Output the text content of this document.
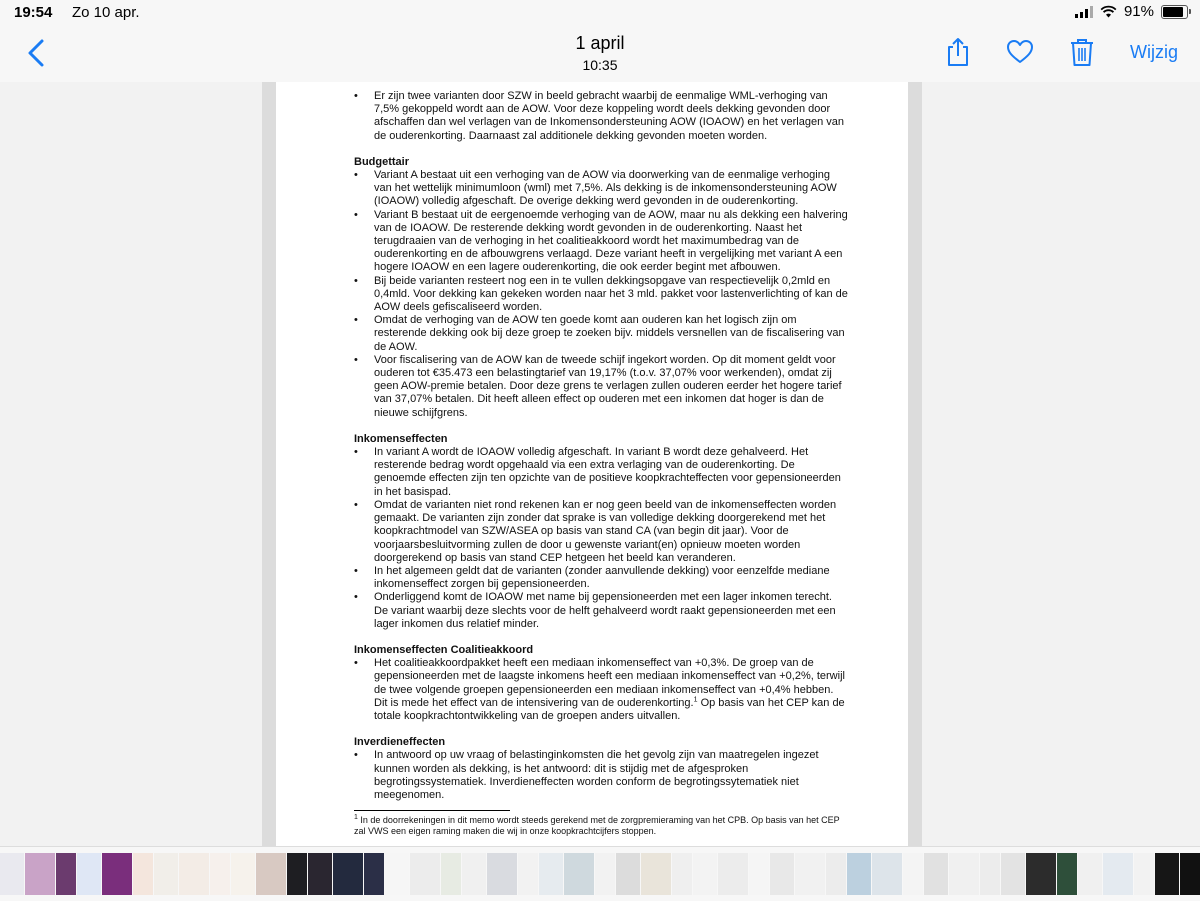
19:54 Zo 10 apr.	91%
1 april
10:35
Wijzig
• Er zijn twee varianten door SZW in beeld gebracht waarbij de eenmalige WML-verhoging van 7,5% gekoppeld wordt aan de AOW. Voor deze koppeling wordt deels dekking gevonden door afschaffen dan wel verlagen van de Inkomensondersteuning AOW (IOAOW) en het verlagen van de ouderenkorting. Daarnaast zal additionele dekking gevonden moeten worden.

Budgettair

• Variant A bestaat uit een verhoging van de AOW via doorwerking van de eenmalige verhoging van het wettelijk minimumloon (wml) met 7,5%. Als dekking is de inkomensondersteuning AOW (IOAOW) volledig afgeschaft. De overige dekking werd gevonden in de ouderenkorting.
• Variant B bestaat uit de eergenoemde verhoging van de AOW, maar nu als dekking een halvering van de IOAOW. De resterende dekking wordt gevonden in de ouderenkorting. Naast het terugdraaien van de verhoging in het coalitieakkoord wordt het maximumbedrag van de ouderenkorting en de afbouwgrens verlaagd. Deze variant heeft in vergelijking met variant A een hogere IOAOW en een lagere ouderenkorting, die ook eerder begint met afbouwen.
• Bij beide varianten resteert nog een in te vullen dekkingsopgave van respectievelijk 0,2mld en 0,4mld. Voor dekking kan gekeken worden naar het 3 mld. pakket voor lastenverlichting of kan de AOW deels gefiscaliseerd worden.
• Omdat de verhoging van de AOW ten goede komt aan ouderen kan het logisch zijn om resterende dekking ook bij deze groep te zoeken bijv. middels versnellen van de fiscalisering van de AOW.
• Voor fiscalisering van de AOW kan de tweede schijf ingekort worden. Op dit moment geldt voor ouderen tot €35.473 een belastingtarief van 19,17% (t.o.v. 37,07% voor werkenden), omdat zij geen AOW-premie betalen. Door deze grens te verlagen zullen ouderen eerder het hogere tarief van 37,07% betalen. Dit heeft alleen effect op ouderen met een inkomen dat hoger is dan de nieuwe schijfgrens.

Inkomenseffecten

• In variant A wordt de IOAOW volledig afgeschaft. In variant B wordt deze gehalveerd. Het resterende bedrag wordt opgehaald via een extra verlaging van de ouderenkorting. De genoemde effecten zijn ten opzichte van de positieve koopkrachteffecten voor gepensioneerden in het basispad.
• Omdat de varianten niet rond rekenen kan er nog geen beeld van de inkomenseffecten worden gemaakt. De varianten zijn zonder dat sprake is van volledige dekking doorgerekend met het koopkrachtmodel van SZW/ASEA op basis van stand CA (van begin dit jaar). Voor de voorjaarsbesluitvorming zullen de door u gewenste variant(en) opnieuw moeten worden doorgerekend op basis van stand CEP hetgeen het beeld kan veranderen.
• In het algemeen geldt dat de varianten (zonder aanvullende dekking) voor eenzelfde mediane inkomenseffect zorgen bij gepensioneerden.
• Onderliggend komt de IOAOW met name bij gepensioneerden met een lager inkomen terecht. De variant waarbij deze slechts voor de helft gehalveerd wordt raakt gepensioneerden met een lager inkomen dus relatief minder.

Inkomenseffecten Coalitieakkoord

• Het coalitieakkoordpakket heeft een mediaan inkomenseffect van +0,3%. De groep van de gepensioneerden met de laagste inkomens heeft een mediaan inkomenseffect van +0,2%, terwijl de twee volgende groepen gepensioneerden een mediaan inkomenseffect van +0,4% hebben. Dit is mede het effect van de intensivering van de ouderenkorting.$^1$ Op basis van het CEP kan de totale koopkrachtontwikkeling van de groepen anders uitvallen.

Inverdieneffecten

• In antwoord op uw vraag of belastinginkomsten die het gevolg zijn van maatregelen ingezet kunnen worden als dekking, is het antwoord: dit is stijdig met de afgesproken begrotingssystematiek. Inverdieneffecten worden conform de begrotingssytematiek niet meegenomen.
$^1$ In de doorrekeningen in dit memo wordt steeds gerekend met de zorgpremieraming van het CPB. Op basis van het CEP zal VWS een eigen raming maken die wij in onze koopkrachtcijfers stoppen.
